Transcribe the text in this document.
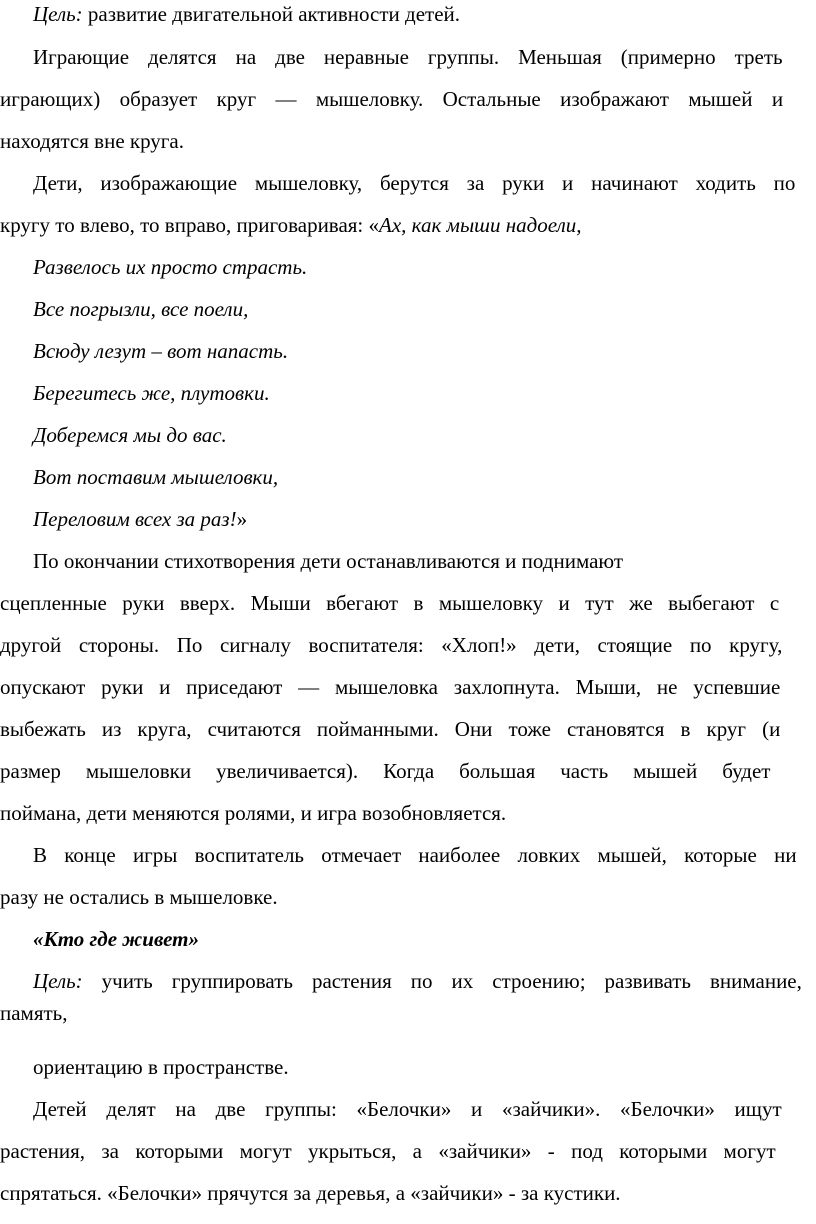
Цель: развитие двигательной активности детей.
Играющие делятся на две неравные группы. Меньшая (примерно треть
играющих) образует круг — мышеловку. Остальные изображают мышей и
находятся вне круга.
Дети, изображающие мышеловку, берутся за руки и начинают ходить по
кругу то влево, то вправо, приговаривая: «Ах, как мыши надоели,
Развелось их просто страсть.
Все погрызли, все поели,
Всюду лезут – вот напасть.
Берегитесь же, плутовки.
Доберемся мы до вас.
Вот поставим мышеловки,
Переловим всех за раз!»
По окончании стихотворения дети останавливаются и поднимают
сцепленные руки вверх. Мыши вбегают в мышеловку и тут же выбегают с
другой стороны. По сигналу воспитателя: «Хлоп!» дети, стоящие по кругу,
опускают руки и приседают — мышеловка захлопнута. Мыши, не успевшие
выбежать из круга, считаются пойманными. Они тоже становятся в круг (и
размер мышеловки увеличивается). Когда большая часть мышей будет
поймана, дети меняются ролями, и игра возобновляется.
В конце игры воспитатель отмечает наиболее ловких мышей, которые ни
разу не остались в мышеловке.
«Кто где живет»
Цель: учить группировать растения по их строению; развивать внимание,
память,
ориентацию в пространстве.
Детей делят на две группы: «Белочки» и «зайчики». «Белочки» ищут
растения, за которыми могут укрыться, а «зайчики» - под которыми могут
спрятаться. «Белочки» прячутся за деревья, а «зайчики» - за кустики.
